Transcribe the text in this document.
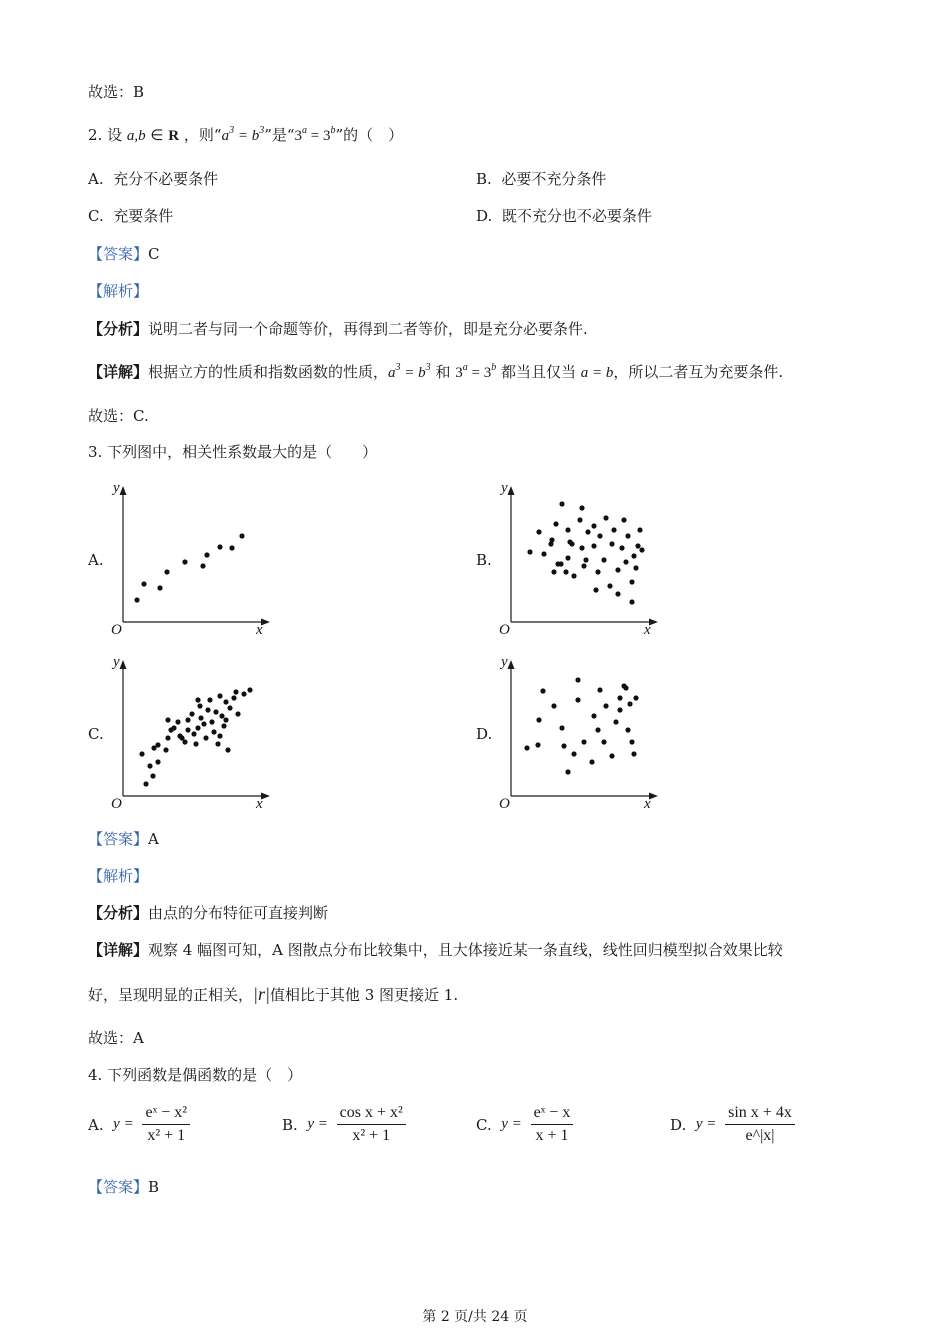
故选：B
2. 设 a,b ∈ R ，则“$a^3 = b^3$”是“$3^a = 3^b$”的（　）
A. 充分不必要条件	B. 必要不充分条件
C. 充要条件	D. 既不充分也不必要条件
【答案】C
【解析】
【分析】说明二者与同一个命题等价，再得到二者等价，即是充分必要条件.
【详解】根据立方的性质和指数函数的性质，$a^3 = b^3$ 和 $3^a = 3^b$ 都当且仅当 a = b，所以二者互为充要条件.
故选：C.
3. 下列图中，相关性系数最大的是（　　）
A.	B.
C.	D.
y
x
O
y
x
O
y
x
O
y
x
O
【答案】A
【解析】
【分析】由点的分布特征可直接判断
【详解】观察 4 幅图可知，A 图散点分布比较集中，且大体接近某一条直线，线性回归模型拟合效果比较
好，呈现明显的正相关，|r|值相比于其他 3 图更接近 1.
故选：A
4. 下列函数是偶函数的是（　）
A. $y = \frac{\text{eˣ − x²}}{\text{x² + 1}}$	B. $y = \frac{\text{cos x + x²}}{\text{x² + 1}}$	C. $y = \frac{\text{eˣ − x}}{x + 1}$	D. $y = \frac{\text{sin x + 4x}}{e\^{}|x|}$
【答案】B
第 2 页/共 24 页
